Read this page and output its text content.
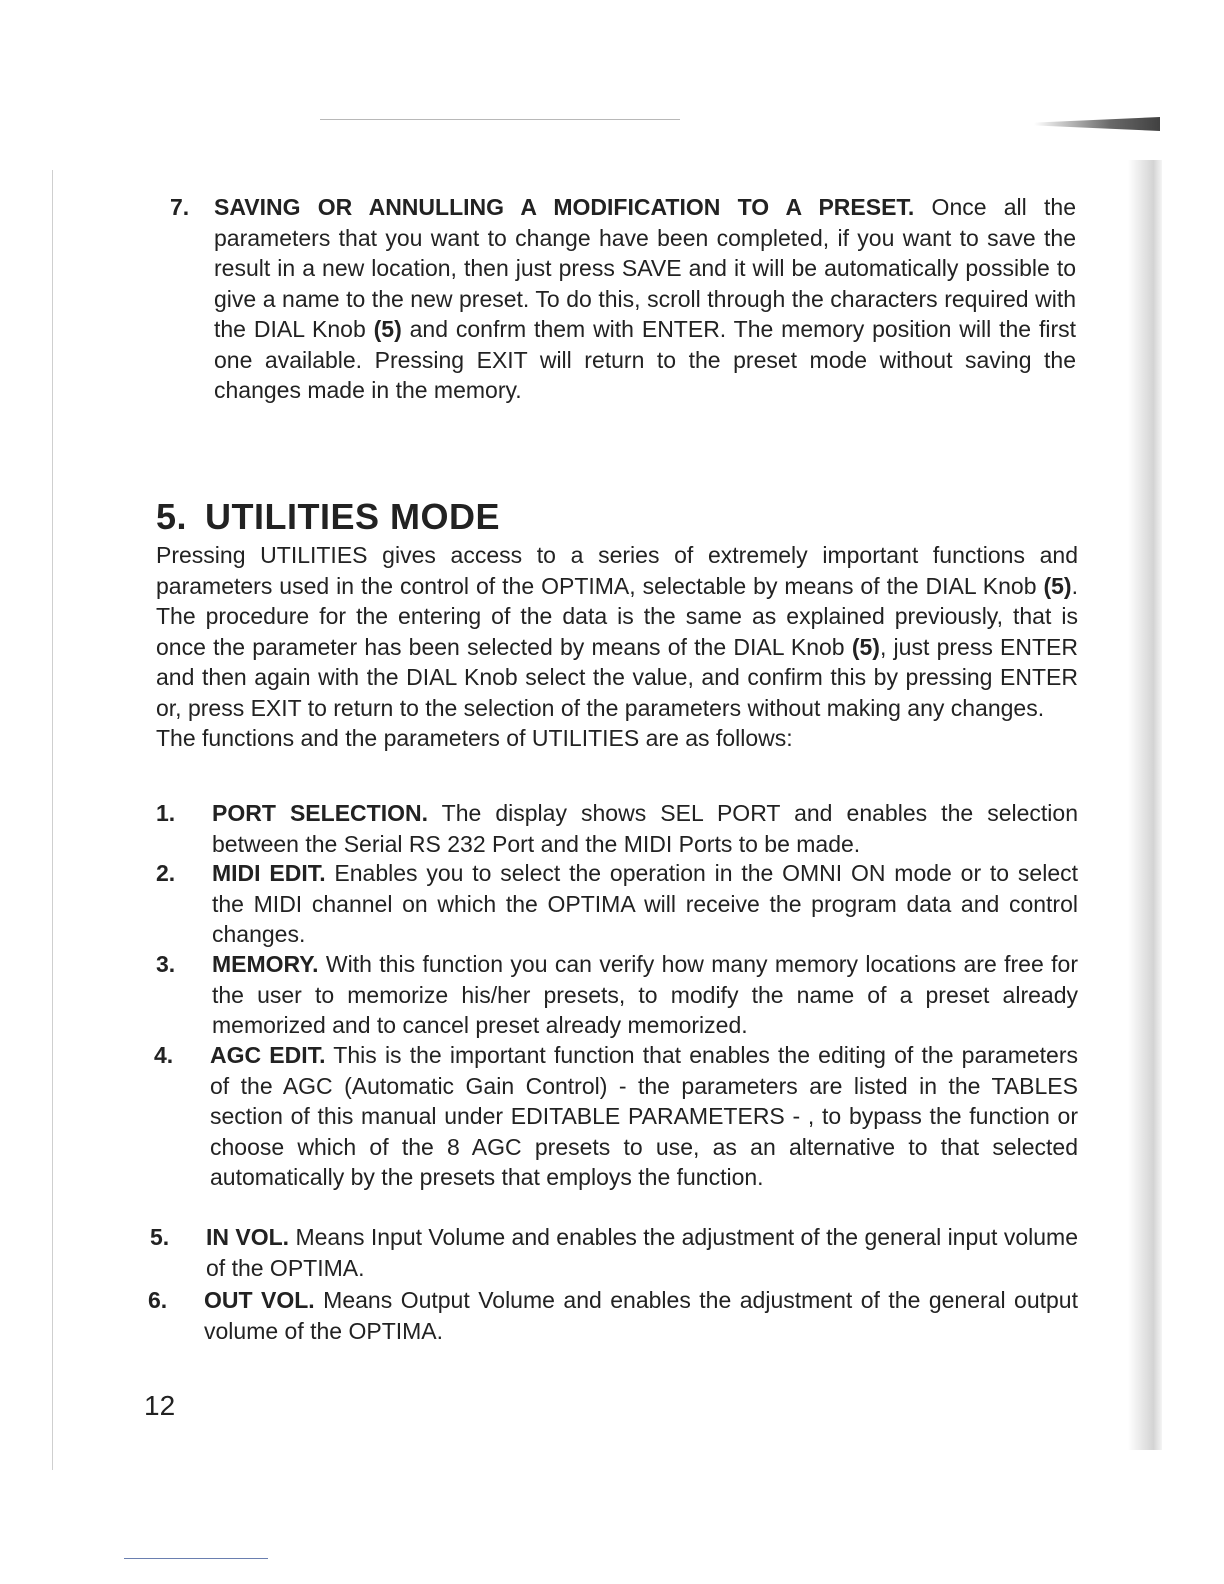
7.	SAVING OR ANNULLING A MODIFICATION TO A PRESET. Once all the parameters that you want to change have been completed, if you want to save the result in a new location, then just press SAVE and it will be automatically possible to give a name to the new preset. To do this, scroll through the characters required with the DIAL Knob (5) and confrm them with ENTER. The memory position will the first one available. Pressing EXIT will return to the preset mode without saving the changes made in the memory.
5. UTILITIES MODE

Pressing UTILITIES gives access to a series of extremely important functions and parameters used in the control of the OPTIMA, selectable by means of the DIAL Knob (5). The procedure for the entering of the data is the same as explained previously, that is once the parameter has been selected by means of the DIAL Knob (5), just press ENTER and then again with the DIAL Knob select the value, and confirm this by pressing ENTER or, press EXIT to return to the selection of the parameters without making any changes.

The functions and the parameters of UTILITIES are as follows:

1.	PORT SELECTION. The display shows SEL PORT and enables the selection between the Serial RS 232 Port and the MIDI Ports to be made.
2.	MIDI EDIT. Enables you to select the operation in the OMNI ON mode or to select the MIDI channel on which the OPTIMA will receive the program data and control changes.
3.	MEMORY. With this function you can verify how many memory locations are free for the user to memorize his/her presets, to modify the name of a preset already memorized and to cancel preset already memorized.
4.	AGC EDIT. This is the important function that enables the editing of the parameters of the AGC (Automatic Gain Control) - the parameters are listed in the TABLES section of this manual under EDITABLE PARAMETERS - , to bypass the function or choose which of the 8 AGC presets to use, as an alternative to that selected automatically by the presets that employs the function.
5.	IN VOL. Means Input Volume and enables the adjustment of the general input volume of the OPTIMA.
6.	OUT VOL. Means Output Volume and enables the adjustment of the general output volume of the OPTIMA.
12
